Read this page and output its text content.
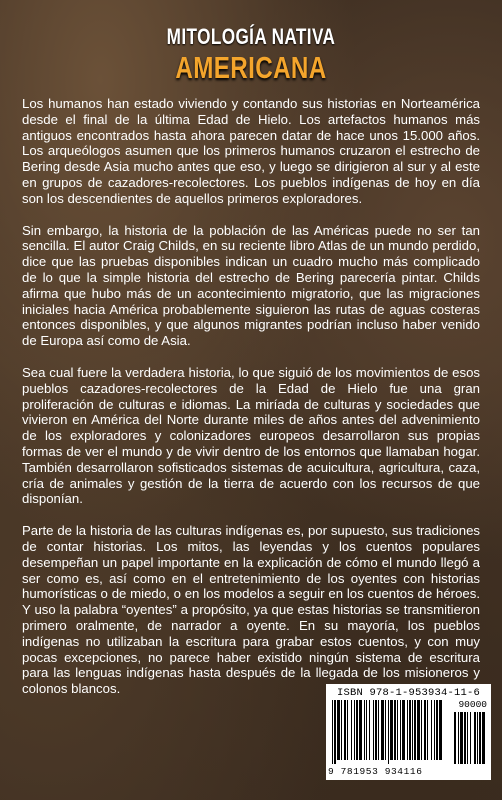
MITOLOGÍA NATIVA
AMERICANA

Los humanos han estado viviendo y contando sus historias en Norteamérica desde el final de la última Edad de Hielo. Los artefactos humanos más antiguos encontrados hasta ahora parecen datar de hace unos 15.000 años. Los arqueólogos asumen que los primeros humanos cruzaron el estrecho de Bering desde Asia mucho antes que eso, y luego se dirigieron al sur y al este en grupos de cazadores-recolectores. Los pueblos indígenas de hoy en día son los descendientes de aquellos primeros exploradores.

Sin embargo, la historia de la población de las Américas puede no ser tan sencilla. El autor Craig Childs, en su reciente libro Atlas de un mundo perdido, dice que las pruebas disponibles indican un cuadro mucho más complicado de lo que la simple historia del estrecho de Bering parecería pintar. Childs afirma que hubo más de un acontecimiento migratorio, que las migraciones iniciales hacia América probablemente siguieron las rutas de aguas costeras entonces disponibles, y que algunos migrantes podrían incluso haber venido de Europa así como de Asia.

Sea cual fuere la verdadera historia, lo que siguió de los movimientos de esos pueblos cazadores-recolectores de la Edad de Hielo fue una gran proliferación de culturas e idiomas. La miríada de culturas y sociedades que vivieron en América del Norte durante miles de años antes del advenimiento de los exploradores y colonizadores europeos desarrollaron sus propias formas de ver el mundo y de vivir dentro de los entornos que llamaban hogar. También desarrollaron sofisticados sistemas de acuicultura, agricultura, caza, cría de animales y gestión de la tierra de acuerdo con los recursos de que disponían.

Parte de la historia de las culturas indígenas es, por supuesto, sus tradiciones de contar historias. Los mitos, las leyendas y los cuentos populares desempeñan un papel importante en la explicación de cómo el mundo llegó a ser como es, así como en el entretenimiento de los oyentes con historias humorísticas o de miedo, o en los modelos a seguir en los cuentos de héroes. Y uso la palabra “oyentes” a propósito, ya que estas historias se transmitieron primero oralmente, de narrador a oyente. En su mayoría, los pueblos indígenas no utilizaban la escritura para grabar estos cuentos, y con muy pocas excepciones, no parece haber existido ningún sistema de escritura para las lenguas indígenas hasta después de la llegada de los misioneros y colonos blancos.	ISBN 978-1-953934-11-6
90000
9 781953 934116
